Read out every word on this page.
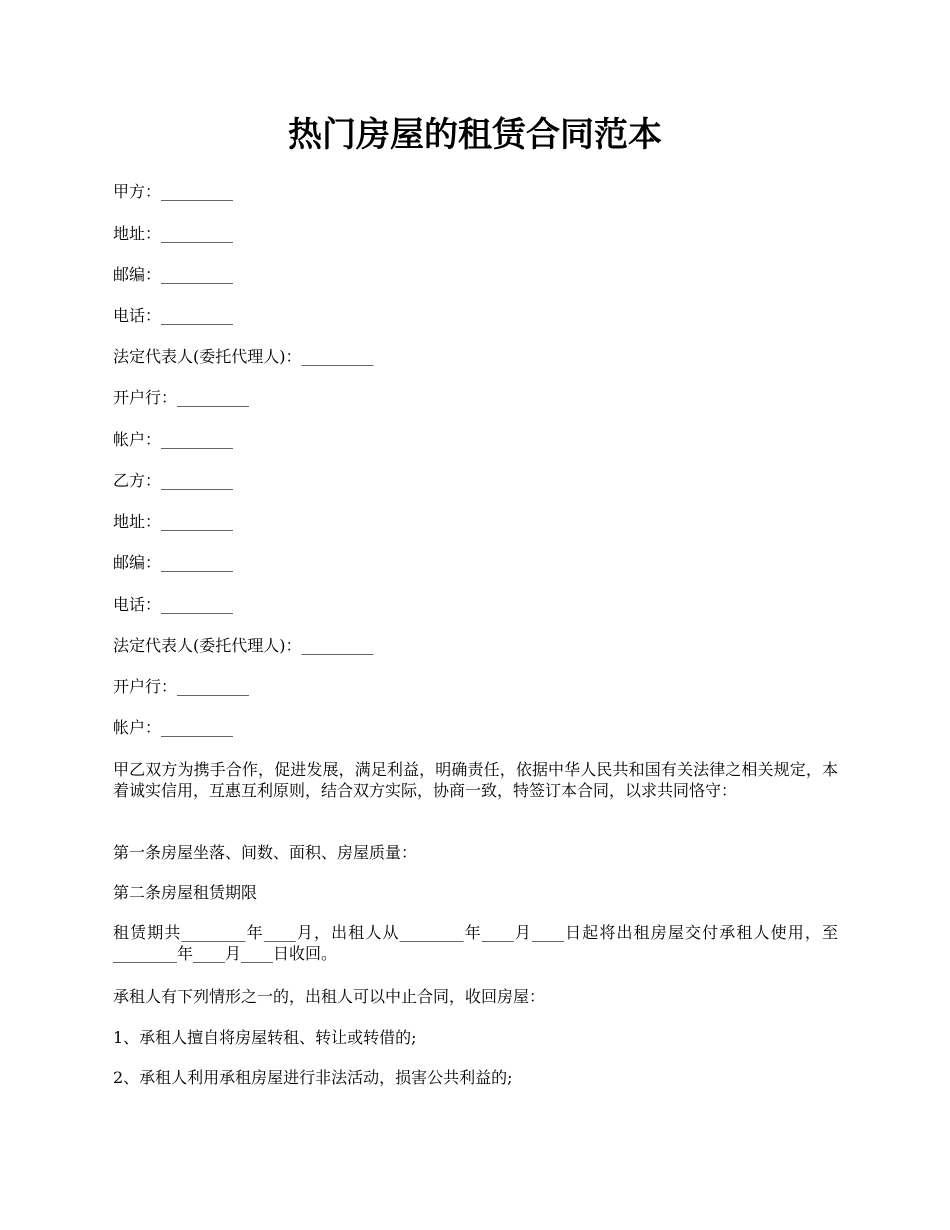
热门房屋的租赁合同范本
甲方：_________
地址：_________
邮编：_________
电话：_________
法定代表人(委托代理人)：_________
开户行：_________
帐户：_________
乙方：_________
地址：_________
邮编：_________
电话：_________
法定代表人(委托代理人)：_________
开户行：_________
帐户：_________
甲乙双方为携手合作，促进发展，满足利益，明确责任，依据中华人民共和国有关法律之相关规定，本着诚实信用，互惠互利原则，结合双方实际，协商一致，特签订本合同，以求共同恪守：
第一条房屋坐落、间数、面积、房屋质量：
第二条房屋租赁期限
租赁期共________年____月，出租人从________年____月____日起将出租房屋交付承租人使用，至________年____月____日收回。
承租人有下列情形之一的，出租人可以中止合同，收回房屋：
1、承租人擅自将房屋转租、转让或转借的;
2、承租人利用承租房屋进行非法活动，损害公共利益的;
